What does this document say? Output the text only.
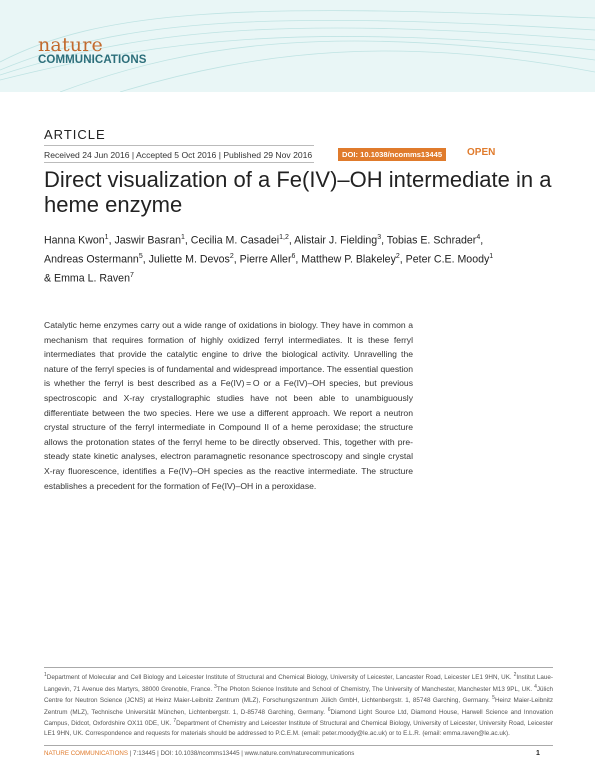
nature
COMMUNICATIONS
ARTICLE
Received 24 Jun 2016 | Accepted 5 Oct 2016 | Published 29 Nov 2016	DOI: 10.1038/ncomms13445	OPEN
Direct visualization of a Fe(IV)–OH intermediate in a heme enzyme
Hanna Kwon$^1$, Jaswir Basran$^1$, Cecilia M. Casadei$^{1,2}$, Alistair J. Fielding$^3$, Tobias E. Schrader$^4$, Andreas Ostermann$^5$, Juliette M. Devos$^2$, Pierre Aller$^6$, Matthew P. Blakeley$^2$, Peter C.E. Moody$^1$
& Emma L. Raven$^7$
Catalytic heme enzymes carry out a wide range of oxidations in biology. They have in common a mechanism that requires formation of highly oxidized ferryl intermediates. It is these ferryl intermediates that provide the catalytic engine to drive the biological activity. Unravelling the nature of the ferryl species is of fundamental and widespread importance. The essential question is whether the ferryl is best described as a Fe(IV) = O or a Fe(IV)–OH species, but previous spectroscopic and X-ray crystallographic studies have not been able to unambiguously differentiate between the two species. Here we use a different approach. We report a neutron crystal structure of the ferryl intermediate in Compound II of a heme peroxidase; the structure allows the protonation states of the ferryl heme to be directly observed. This, together with pre-steady state kinetic analyses, electron paramagnetic resonance spectroscopy and single crystal X-ray fluorescence, identifies a Fe(IV)–OH species as the reactive intermediate. The structure establishes a precedent for the formation of Fe(IV)–OH in a peroxidase.
$^1$Department of Molecular and Cell Biology and Leicester Institute of Structural and Chemical Biology, University of Leicester, Lancaster Road, Leicester LE1 9HN, UK. $^2$Institut Laue-Langevin, 71 Avenue des Martyrs, 38000 Grenoble, France. $^3$The Photon Science Institute and School of Chemistry, The University of Manchester, Manchester M13 9PL, UK. $^4$Jülich Centre for Neutron Science (JCNS) at Heinz Maier-Leibnitz Zentrum (MLZ), Forschungszentrum Jülich GmbH, Lichtenbergstr. 1, 85748 Garching, Germany. $^5$Heinz Maier-Leibnitz Zentrum (MLZ), Technische Universität München, Lichtenbergstr. 1, D-85748 Garching, Germany. $^6$Diamond Light Source Ltd, Diamond House, Harwell Science and Innovation Campus, Didcot, Oxfordshire OX11 0DE, UK. $^7$Department of Chemistry and Leicester Institute of Structural and Chemical Biology, University of Leicester, University Road, Leicester LE1 9HN, UK. Correspondence and requests for materials should be addressed to P.C.E.M. (email: peter.moody@le.ac.uk) or to E.L.R. (email: emma.raven@le.ac.uk).
NATURE COMMUNICATIONS | 7:13445 | DOI: 10.1038/ncomms13445 | www.nature.com/naturecommunications	1
